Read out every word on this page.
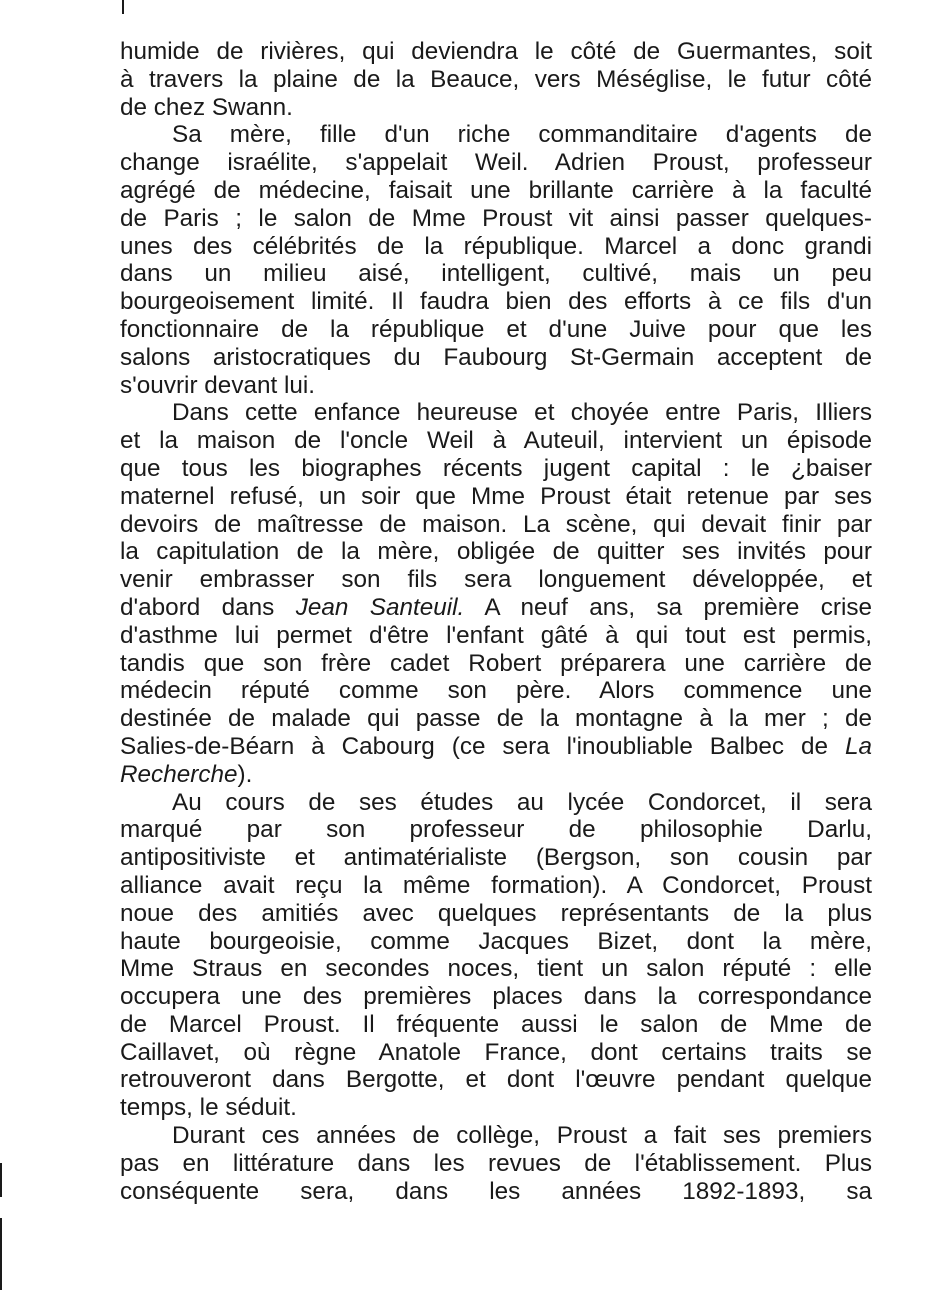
humide de rivières, qui deviendra le côté de Guermantes, soit
à travers la plaine de la Beauce, vers Méséglise, le futur côté
de chez Swann.

Sa mère, fille d'un riche commanditaire d'agents de
change israélite, s'appelait Weil. Adrien Proust, professeur
agrégé de médecine, faisait une brillante carrière à la faculté
de Paris ; le salon de Mme Proust vit ainsi passer quelques-
unes des célébrités de la république. Marcel a donc grandi
dans un milieu aisé, intelligent, cultivé, mais un peu
bourgeoisement limité. Il faudra bien des efforts à ce fils d'un
fonctionnaire de la république et d'une Juive pour que les
salons aristocratiques du Faubourg St-Germain acceptent de
s'ouvrir devant lui.

Dans cette enfance heureuse et choyée entre Paris, Illiers
et la maison de l'oncle Weil à Auteuil, intervient un épisode
que tous les biographes récents jugent capital : le ¿baiser
maternel refusé, un soir que Mme Proust était retenue par ses
devoirs de maîtresse de maison. La scène, qui devait finir par
la capitulation de la mère, obligée de quitter ses invités pour
venir embrasser son fils sera longuement développée, et
d'abord dans Jean Santeuil. A neuf ans, sa première crise
d'asthme lui permet d'être l'enfant gâté à qui tout est permis,
tandis que son frère cadet Robert préparera une carrière de
médecin réputé comme son père. Alors commence une
destinée de malade qui passe de la montagne à la mer ; de
Salies-de-Béarn à Cabourg (ce sera l'inoubliable Balbec de La
Recherche).

Au cours de ses études au lycée Condorcet, il sera
marqué par son professeur de philosophie Darlu,
antipositiviste et antimatérialiste (Bergson, son cousin par
alliance avait reçu la même formation). A Condorcet, Proust
noue des amitiés avec quelques représentants de la plus
haute bourgeoisie, comme Jacques Bizet, dont la mère,
Mme Straus en secondes noces, tient un salon réputé : elle
occupera une des premières places dans la correspondance
de Marcel Proust. Il fréquente aussi le salon de Mme de
Caillavet, où règne Anatole France, dont certains traits se
retrouveront dans Bergotte, et dont l'œuvre pendant quelque
temps, le séduit.

Durant ces années de collège, Proust a fait ses premiers
pas en littérature dans les revues de l'établissement. Plus
conséquente sera, dans les années 1892-1893, sa
